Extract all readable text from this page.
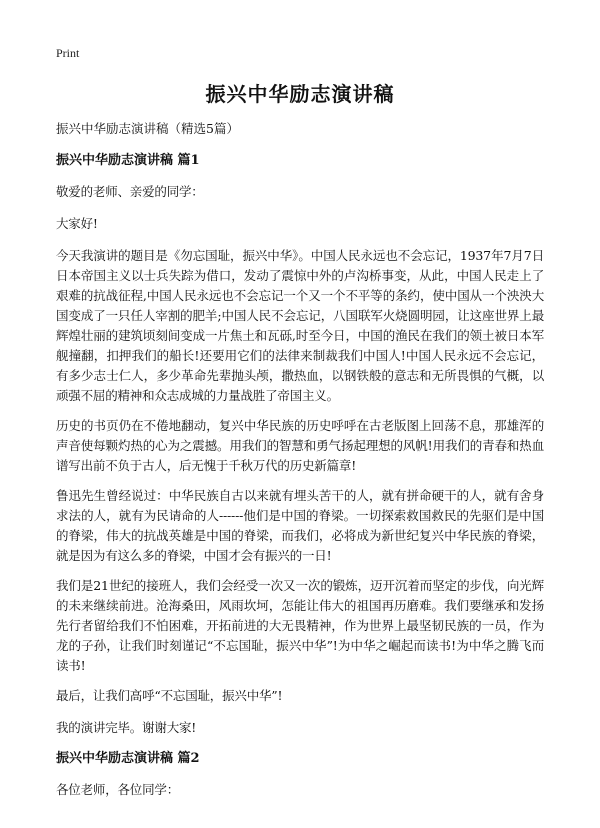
Print
振兴中华励志演讲稿
振兴中华励志演讲稿（精选5篇）
振兴中华励志演讲稿 篇1

敬爱的老师、亲爱的同学：

大家好!

今天我演讲的题目是《勿忘国耻，振兴中华》。中国人民永远也不会忘记，1937年7月7日日本帝国主义以士兵失踪为借口，发动了震惊中外的卢沟桥事变，从此，中国人民走上了艰难的抗战征程,中国人民永远也不会忘记一个又一个不平等的条约，使中国从一个泱泱大国变成了一只任人宰割的肥羊;中国人民不会忘记，八国联军火烧圆明园，让这座世界上最辉煌壮丽的建筑顷刻间变成一片焦土和瓦砾,时至今日，中国的渔民在我们的领土被日本军舰撞翻，扣押我们的船长!还要用它们的法律来制裁我们中国人!中国人民永远不会忘记，有多少志士仁人，多少革命先辈抛头颅，撒热血，以钢铁般的意志和无所畏惧的气概，以顽强不屈的精神和众志成城的力量战胜了帝国主义。

历史的书页仍在不倦地翻动，复兴中华民族的历史呼呼在古老版图上回荡不息，那雄浑的声音使每颗灼热的心为之震撼。用我们的智慧和勇气扬起理想的风帆!用我们的青春和热血谱写出前不负于古人，后无愧于千秋万代的历史新篇章!

鲁迅先生曾经说过：中华民族自古以来就有埋头苦干的人，就有拼命硬干的人，就有舍身求法的人，就有为民请命的人------他们是中国的脊梁。一切探索救国救民的先驱们是中国的脊梁，伟大的抗战英雄是中国的脊梁，而我们，必将成为新世纪复兴中华民族的脊梁，就是因为有这么多的脊梁，中国才会有振兴的一日!

我们是21世纪的接班人，我们会经受一次又一次的锻炼，迈开沉着而坚定的步伐，向光辉的未来继续前进。沧海桑田，风雨坎坷，怎能让伟大的祖国再历磨难。我们要继承和发扬先行者留给我们不怕困难，开拓前进的大无畏精神，作为世界上最坚韧民族的一员，作为龙的子孙，让我们时刻谨记“不忘国耻，振兴中华”!为中华之崛起而读书!为中华之腾飞而读书!

最后，让我们高呼“不忘国耻，振兴中华”!

我的演讲完毕。谢谢大家!

振兴中华励志演讲稿 篇2

各位老师，各位同学：
